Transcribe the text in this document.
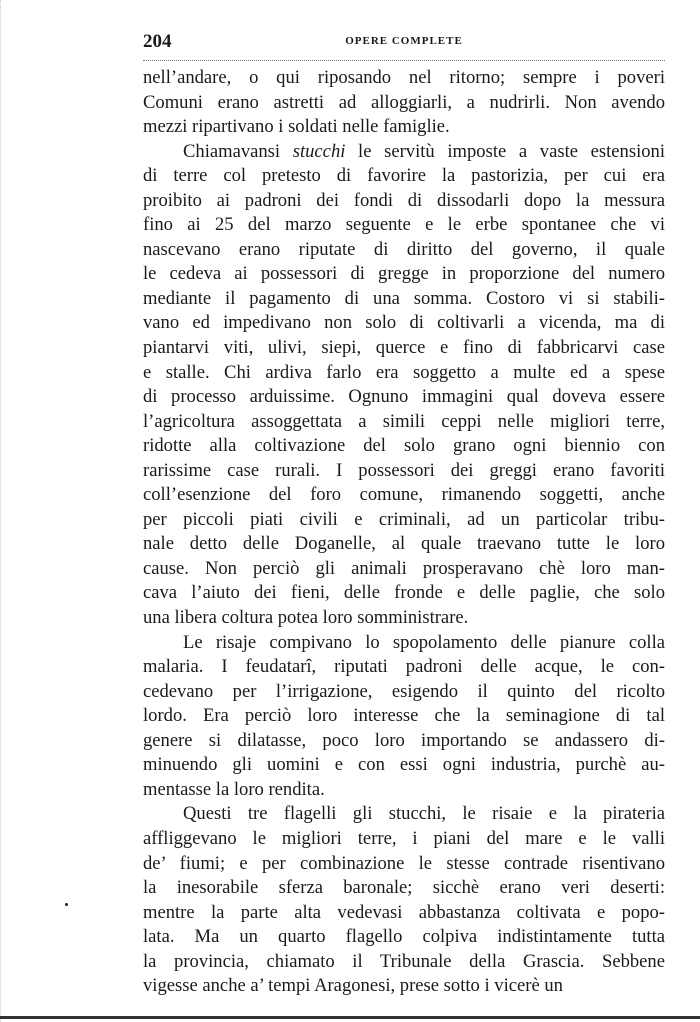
204	OPERE COMPLETE
nell’andare, o qui riposando nel ritorno; sempre i poveri
Comuni erano astretti ad alloggiarli, a nudrirli. Non avendo
mezzi ripartivano i soldati nelle famiglie.
Chiamavansi stucchi le servitù imposte a vaste estensioni
di terre col pretesto di favorire la pastorizia, per cui era
proibito ai padroni dei fondi di dissodarli dopo la messura
fino ai 25 del marzo seguente e le erbe spontanee che vi
nascevano erano riputate di diritto del governo, il quale
le cedeva ai possessori di gregge in proporzione del numero
mediante il pagamento di una somma. Costoro vi si stabili-
vano ed impedivano non solo di coltivarli a vicenda, ma di
piantarvi viti, ulivi, siepi, querce e fino di fabbricarvi case
e stalle. Chi ardiva farlo era soggetto a multe ed a spese
di processo arduissime. Ognuno immagini qual doveva essere
l’agricoltura assoggettata a simili ceppi nelle migliori terre,
ridotte alla coltivazione del solo grano ogni biennio con
rarissime case rurali. I possessori dei greggi erano favoriti
coll’esenzione del foro comune, rimanendo soggetti, anche
per piccoli piati civili e criminali, ad un particolar tribu-
nale detto delle Doganelle, al quale traevano tutte le loro
cause. Non perciò gli animali prosperavano chè loro man-
cava l’aiuto dei fieni, delle fronde e delle paglie, che solo
una libera coltura potea loro somministrare.
Le risaje compivano lo spopolamento delle pianure colla
malaria. I feudatarî, riputati padroni delle acque, le con-
cedevano per l’irrigazione, esigendo il quinto del ricolto
lordo. Era perciò loro interesse che la seminagione di tal
genere si dilatasse, poco loro importando se andassero di-
minuendo gli uomini e con essi ogni industria, purchè au-
mentasse la loro rendita.
Questi tre flagelli gli stucchi, le risaie e la pirateria
affliggevano le migliori terre, i piani del mare e le valli
de’ fiumi; e per combinazione le stesse contrade risentivano
la inesorabile sferza baronale; sicchè erano veri deserti:
mentre la parte alta vedevasi abbastanza coltivata e popo-
lata. Ma un quarto flagello colpiva indistintamente tutta
la provincia, chiamato il Tribunale della Grascia. Sebbene
vigesse anche a’ tempi Aragonesi, prese sotto i vicerè un
